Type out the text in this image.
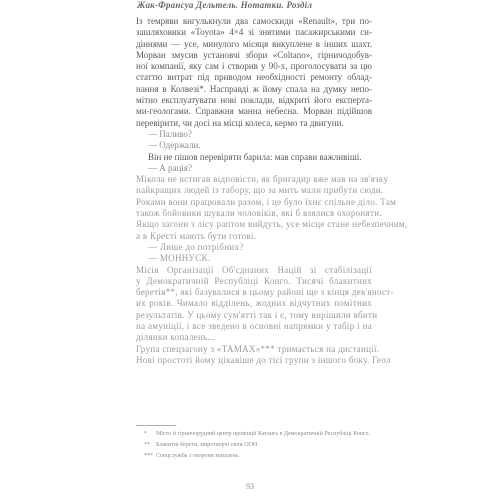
Жак-Франсуа Дельтель. Нотатки. Розділ
Із темряви вигулькнули два самоскиди «Renault», три по-
зашляховики «Toyota» 4×4 зі знятими пасажирськими си-
діннями — усе, минулого місяця викуплене в інших шахт.
Морван змусив установчі збори «Coltano», гірничодобув-
ної компанії, яку сам і створив у 90-х, проголосувати за цю
статтю витрат під приводом необхідності ремонту облад-
нання в Колвезі*. Насправді ж йому спала на думку непо-
мітно експлуатувати нові поклади, відкриті його експерта-
ми-геологами. Справжня манна небесна. Морван підійшов
перевірити, чи досі на місці колеса, кермо та двигуни.
— Паливо?
— Одержали.
Він не пішов перевіряти барила: мав справи важливіші.
— А рація?
Мікола не встигав відповісти, як бригадир вже мав на зв'язку
найкращих людей із табору, що за мить мали прибути сюди.
Роками вони працювали разом, і це було їхнє спільне діло. Там
також бойовики шукали чоловіків, які б взялися охороняти.
Якщо загони з лісу раптом вийдуть, усе місце стане небезпечним,
а в Кресті мають бути готові.
— Лише до потрібних?
— МОННУСК.
Місія Організації Об'єднаних Націй зі стабілізації
у Демократичній Республіці Конго. Тисячі блакитних
беретів**, які базувалися в цьому районі ще з кінця дев'яност-
их років. Чимало відділень, жодних відчутних помітних
результатів. У цьому сум'ятті так і є, тому вирішили вбити
на амуніції, і все зведено в основні напрямки у табір і на
ділянки копалень...
Група спецзагону з «ТАМАХ»*** тримається на дистанції.
Нові простоті йому цікавіше до тієї групи з іншого боку. Геол
* Місто й гірничорудний центр провінції Катанга в Демократичній Республіці Конго.
** Блакитні берети, миротворчі сили ООН.
*** Спецслужба з охорони копалень.
93
